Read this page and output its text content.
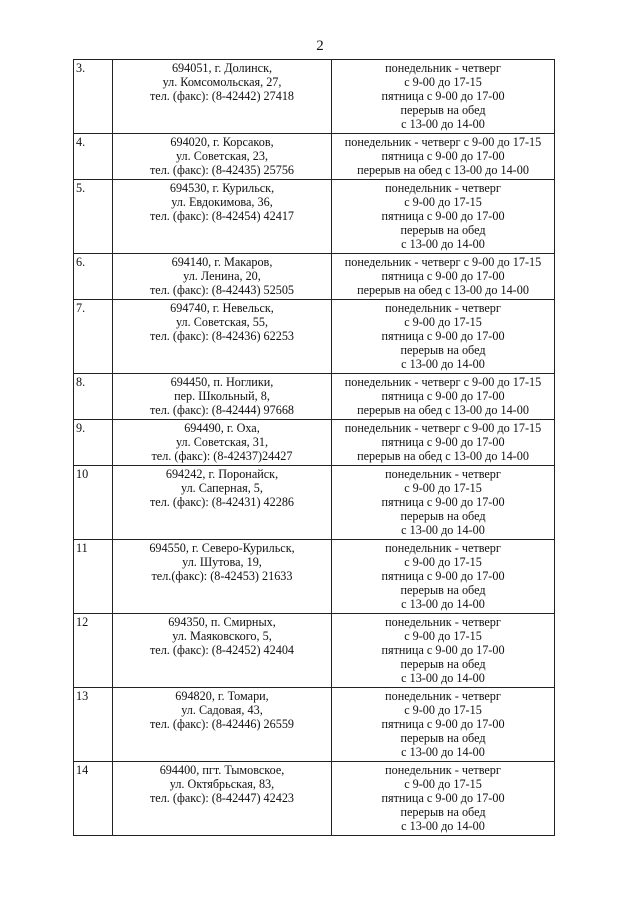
2
3.	694051, г. Долинск,
ул. Комсомольская, 27,
тел. (факс): (8-42442) 27418	понедельник - четверг
с 9-00 до 17-15
пятница с 9-00 до 17-00
перерыв на обед
с 13-00 до 14-00

4.	694020, г. Корсаков,
ул. Советская, 23,
тел. (факс): (8-42435) 25756	понедельник - четверг с 9-00 до 17-15
пятница с 9-00 до 17-00
перерыв на обед с 13-00 до 14-00

5.	694530, г. Курильск,
ул. Евдокимова, 36,
тел. (факс): (8-42454) 42417	понедельник - четверг
с 9-00 до 17-15
пятница с 9-00 до 17-00
перерыв на обед
с 13-00 до 14-00

6.	694140, г. Макаров,
ул. Ленина, 20,
тел. (факс): (8-42443) 52505	понедельник - четверг с 9-00 до 17-15
пятница с 9-00 до 17-00
перерыв на обед с 13-00 до 14-00

7.	694740, г. Невельск,
ул. Советская, 55,
тел. (факс): (8-42436) 62253	понедельник - четверг
с 9-00 до 17-15
пятница с 9-00 до 17-00
перерыв на обед
с 13-00 до 14-00

8.	694450, п. Ноглики,
пер. Школьный, 8,
тел. (факс): (8-42444) 97668	понедельник - четверг с 9-00 до 17-15
пятница с 9-00 до 17-00
перерыв на обед с 13-00 до 14-00

9.	694490, г. Оха,
ул. Советская, 31,
тел. (факс): (8-42437)24427	понедельник - четверг с 9-00 до 17-15
пятница с 9-00 до 17-00
перерыв на обед с 13-00 до 14-00

10	694242, г. Поронайск,
ул. Саперная, 5,
тел. (факс): (8-42431) 42286	понедельник - четверг
с 9-00 до 17-15
пятница с 9-00 до 17-00
перерыв на обед
с 13-00 до 14-00

11	694550, г. Северо-Курильск,
ул. Шутова, 19,
тел.(факс): (8-42453) 21633	понедельник - четверг
с 9-00 до 17-15
пятница с 9-00 до 17-00
перерыв на обед
с 13-00 до 14-00

12	694350, п. Смирных,
ул. Маяковского, 5,
тел. (факс): (8-42452) 42404	понедельник - четверг
с 9-00 до 17-15
пятница с 9-00 до 17-00
перерыв на обед
с 13-00 до 14-00

13	694820, г. Томари,
ул. Садовая, 43,
тел. (факс): (8-42446) 26559	понедельник - четверг
с 9-00 до 17-15
пятница с 9-00 до 17-00
перерыв на обед
с 13-00 до 14-00

14	694400, пгт. Тымовское,
ул. Октябрьская, 83,
тел. (факс): (8-42447) 42423	понедельник - четверг
с 9-00 до 17-15
пятница с 9-00 до 17-00
перерыв на обед
с 13-00 до 14-00
